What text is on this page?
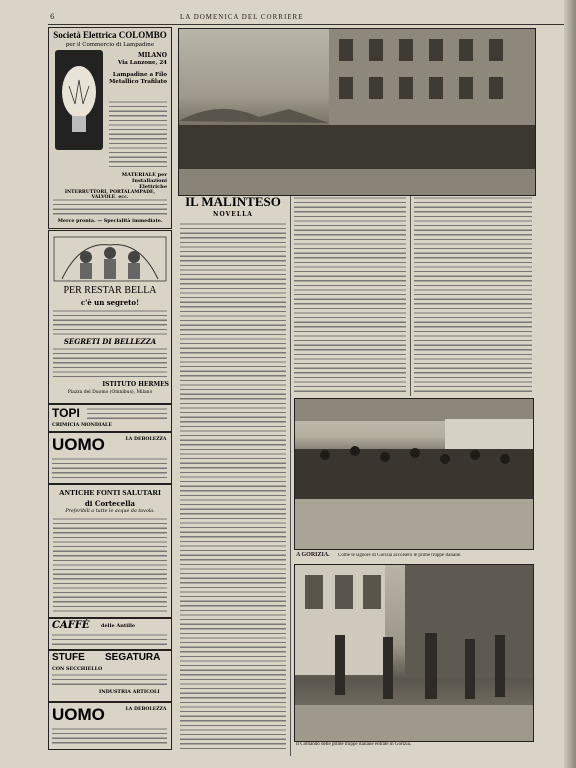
6	LA DOMENICA DEL CORRIERE
Società Elettrica COLOMBO
per il Commercio di Lampadine
MILANO
Via Lanzone, 24
Lampadine a Filo Metallico Trafilato
MATERIALE per Installazioni Elettriche
INTERRUTTORI, PORTALAMPADE,
Merce pronta. — Specialità immediate.
PER RESTAR BELLA
c'è un segreto!
SEGRETI DI BELLEZZA
ISTITUTO HERMES
Piazza del Duomo (Omnibus), Milano
TOPI
CRIMICIA MONDIALE
UOMO	LA DEBOLEZZA
ANTICHE FONTI SALUTARI
di Cortecella
Preferibili a tutte le acque da tavola.
CAFFÈ delle Antille
STUFE SEGATURA
CON SECCHIELLO
INDUSTRIA ARTICOLI
UOMO	LA DEBOLEZZA
IL MALINTESO
NOVELLA
A GORIZIA. Come le signore di Gorizia accolsero le prime truppe italiane.
Il Comando delle prime truppe italiane entrate in Gorizia.
